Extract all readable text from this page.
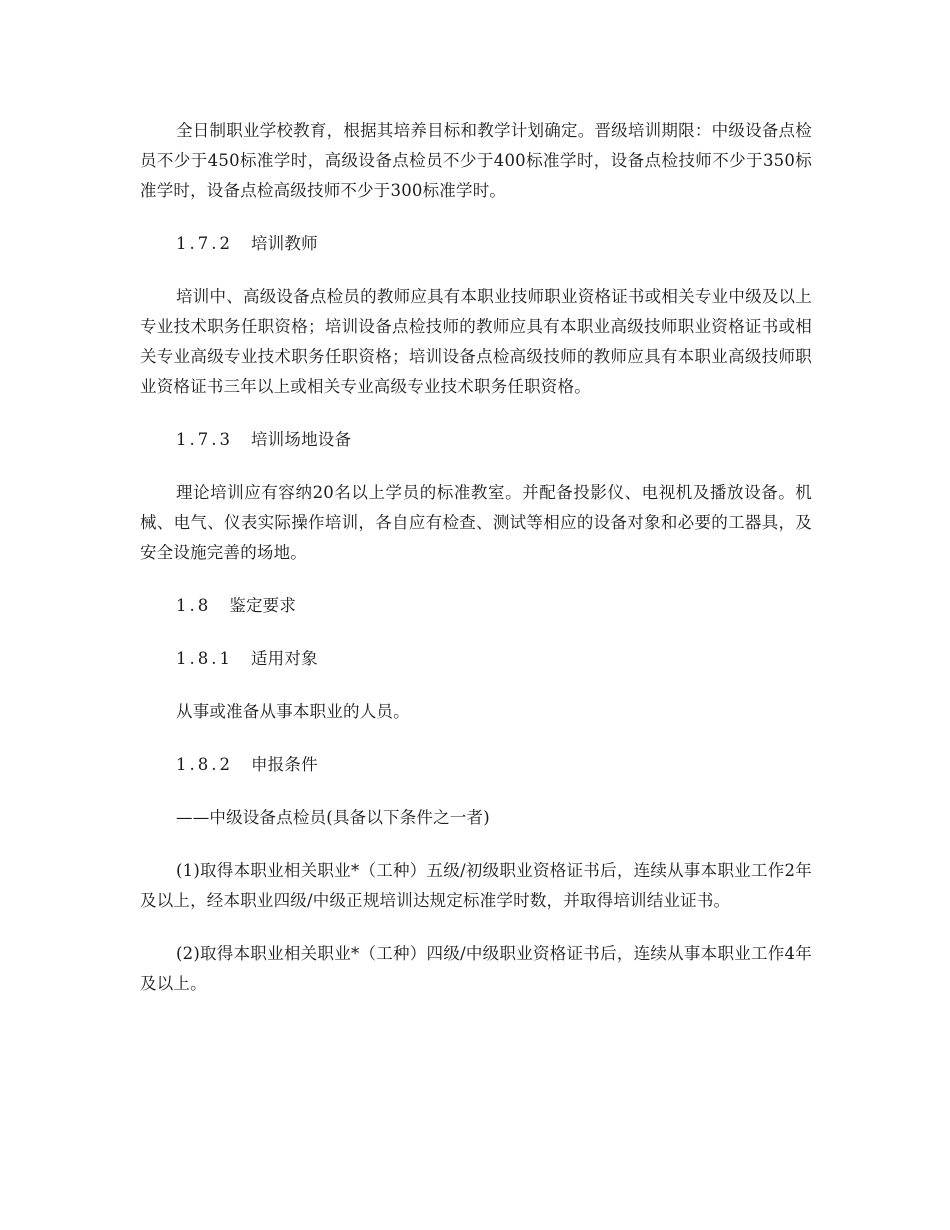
全日制职业学校教育，根据其培养目标和教学计划确定。晋级培训期限：中级设备点检员不少于450标准学时，高级设备点检员不少于400标准学时，设备点检技师不少于350标准学时，设备点检高级技师不少于300标准学时。

1.7.2 培训教师

培训中、高级设备点检员的教师应具有本职业技师职业资格证书或相关专业中级及以上专业技术职务任职资格；培训设备点检技师的教师应具有本职业高级技师职业资格证书或相关专业高级专业技术职务任职资格；培训设备点检高级技师的教师应具有本职业高级技师职业资格证书三年以上或相关专业高级专业技术职务任职资格。

1.7.3 培训场地设备

理论培训应有容纳20名以上学员的标准教室。并配备投影仪、电视机及播放设备。机械、电气、仪表实际操作培训，各自应有检查、测试等相应的设备对象和必要的工器具，及安全设施完善的场地。

1.8 鉴定要求
1.8.1 适用对象

从事或准备从事本职业的人员。

1.8.2 申报条件

——中级设备点检员(具备以下条件之一者)

(1)取得本职业相关职业*（工种）五级/初级职业资格证书后，连续从事本职业工作2年及以上，经本职业四级/中级正规培训达规定标准学时数，并取得培训结业证书。

(2)取得本职业相关职业*（工种）四级/中级职业资格证书后，连续从事本职业工作4年及以上。
